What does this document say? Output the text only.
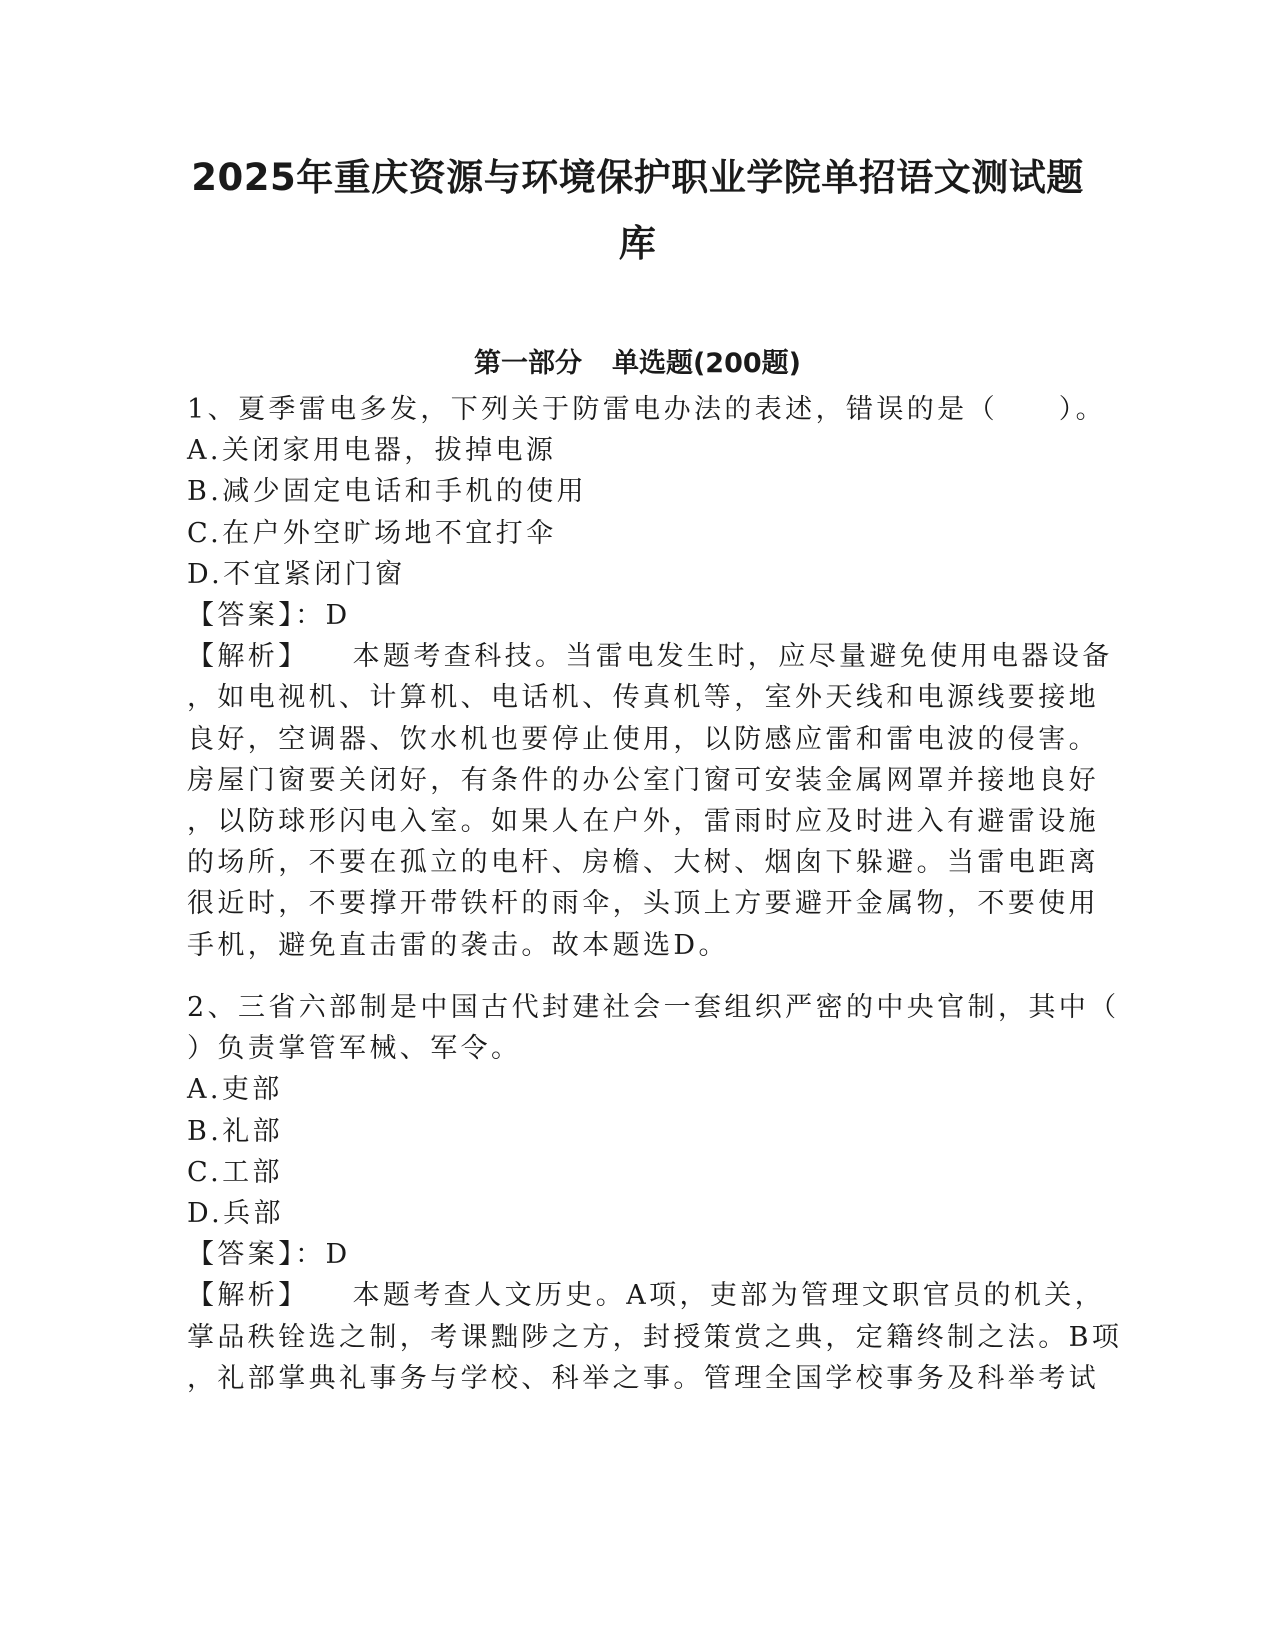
2025年重庆资源与环境保护职业学院单招语文测试题
库
第一部分 单选题(200题)

1、夏季雷电多发，下列关于防雷电办法的表述，错误的是（　　）。

A.关闭家用电器，拔掉电源

B.减少固定电话和手机的使用

C.在户外空旷场地不宜打伞

D.不宜紧闭门窗

【答案】：D

【解析】 本题考查科技。当雷电发生时，应尽量避免使用电器设备

，如电视机、计算机、电话机、传真机等，室外天线和电源线要接地

良好，空调器、饮水机也要停止使用，以防感应雷和雷电波的侵害。

房屋门窗要关闭好，有条件的办公室门窗可安装金属网罩并接地良好

，以防球形闪电入室。如果人在户外，雷雨时应及时进入有避雷设施

的场所，不要在孤立的电杆、房檐、大树、烟囱下躲避。当雷电距离

很近时，不要撑开带铁杆的雨伞，头顶上方要避开金属物，不要使用

手机，避免直击雷的袭击。故本题选D。

2、三省六部制是中国古代封建社会一套组织严密的中央官制，其中（

）负责掌管军械、军令。

A.吏部

B.礼部

C.工部

D.兵部

【答案】：D

【解析】 本题考查人文历史。A项，吏部为管理文职官员的机关，

掌品秩铨选之制，考课黜陟之方，封授策赏之典，定籍终制之法。B项

，礼部掌典礼事务与学校、科举之事。管理全国学校事务及科举考试
